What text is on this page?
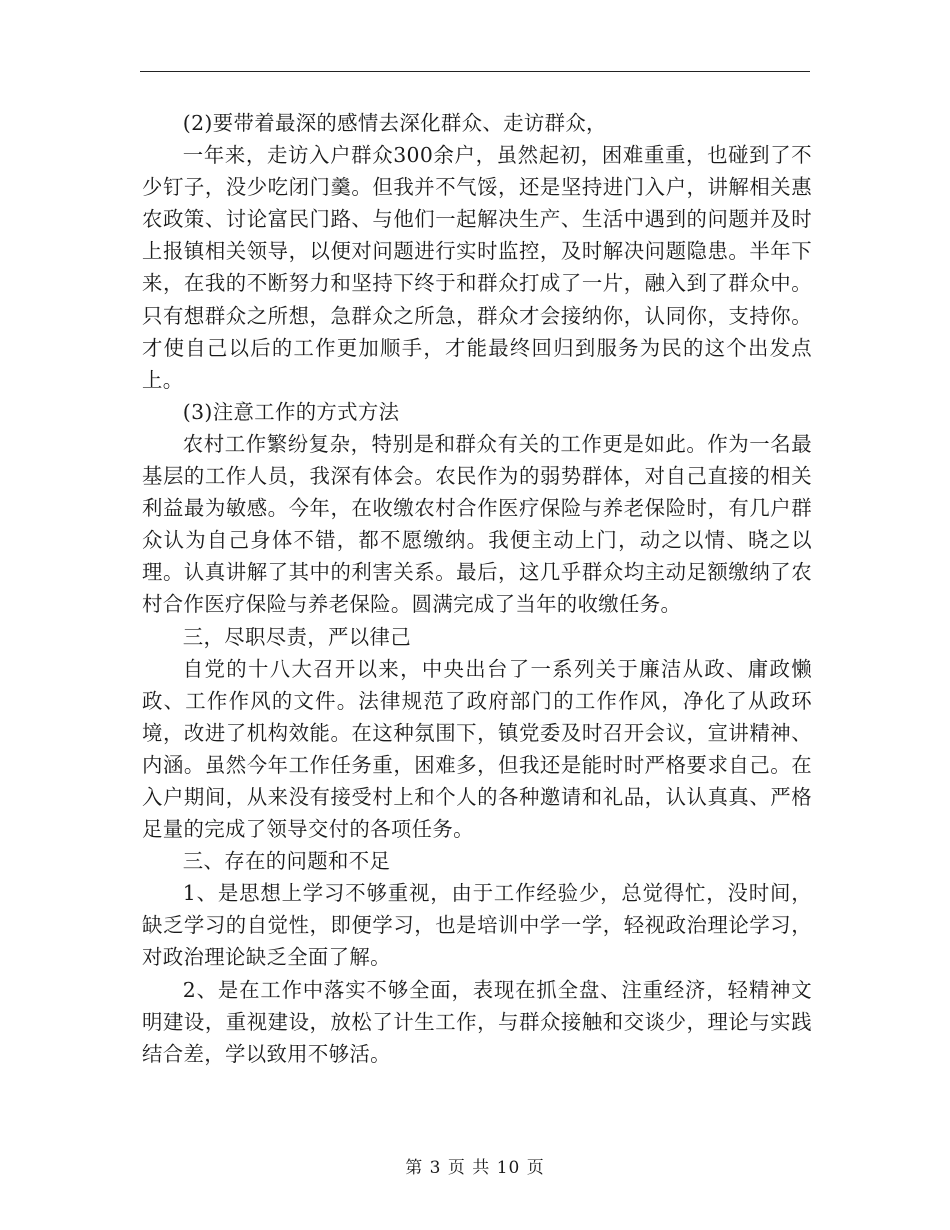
(2)要带着最深的感情去深化群众、走访群众，

一年来，走访入户群众300余户，虽然起初，困难重重，也碰到了不少钉子，没少吃闭门羹。但我并不气馁，还是坚持进门入户，讲解相关惠农政策、讨论富民门路、与他们一起解决生产、生活中遇到的问题并及时上报镇相关领导，以便对问题进行实时监控，及时解决问题隐患。半年下来，在我的不断努力和坚持下终于和群众打成了一片，融入到了群众中。只有想群众之所想，急群众之所急，群众才会接纳你，认同你，支持你。才使自己以后的工作更加顺手，才能最终回归到服务为民的这个出发点上。

(3)注意工作的方式方法

农村工作繁纷复杂，特别是和群众有关的工作更是如此。作为一名最基层的工作人员，我深有体会。农民作为的弱势群体，对自己直接的相关利益最为敏感。今年，在收缴农村合作医疗保险与养老保险时，有几户群众认为自己身体不错，都不愿缴纳。我便主动上门，动之以情、晓之以理。认真讲解了其中的利害关系。最后，这几乎群众均主动足额缴纳了农村合作医疗保险与养老保险。圆满完成了当年的收缴任务。

三，尽职尽责，严以律己

自党的十八大召开以来，中央出台了一系列关于廉洁从政、庸政懒政、工作作风的文件。法律规范了政府部门的工作作风，净化了从政环境，改进了机构效能。在这种氛围下，镇党委及时召开会议，宣讲精神、内涵。虽然今年工作任务重，困难多，但我还是能时时严格要求自己。在入户期间，从来没有接受村上和个人的各种邀请和礼品，认认真真、严格足量的完成了领导交付的各项任务。

三、存在的问题和不足

1、是思想上学习不够重视，由于工作经验少，总觉得忙，没时间，缺乏学习的自觉性，即便学习，也是培训中学一学，轻视政治理论学习，对政治理论缺乏全面了解。

2、是在工作中落实不够全面，表现在抓全盘、注重经济，轻精神文明建设，重视建设，放松了计生工作，与群众接触和交谈少，理论与实践结合差，学以致用不够活。

第 3 页 共 10 页
